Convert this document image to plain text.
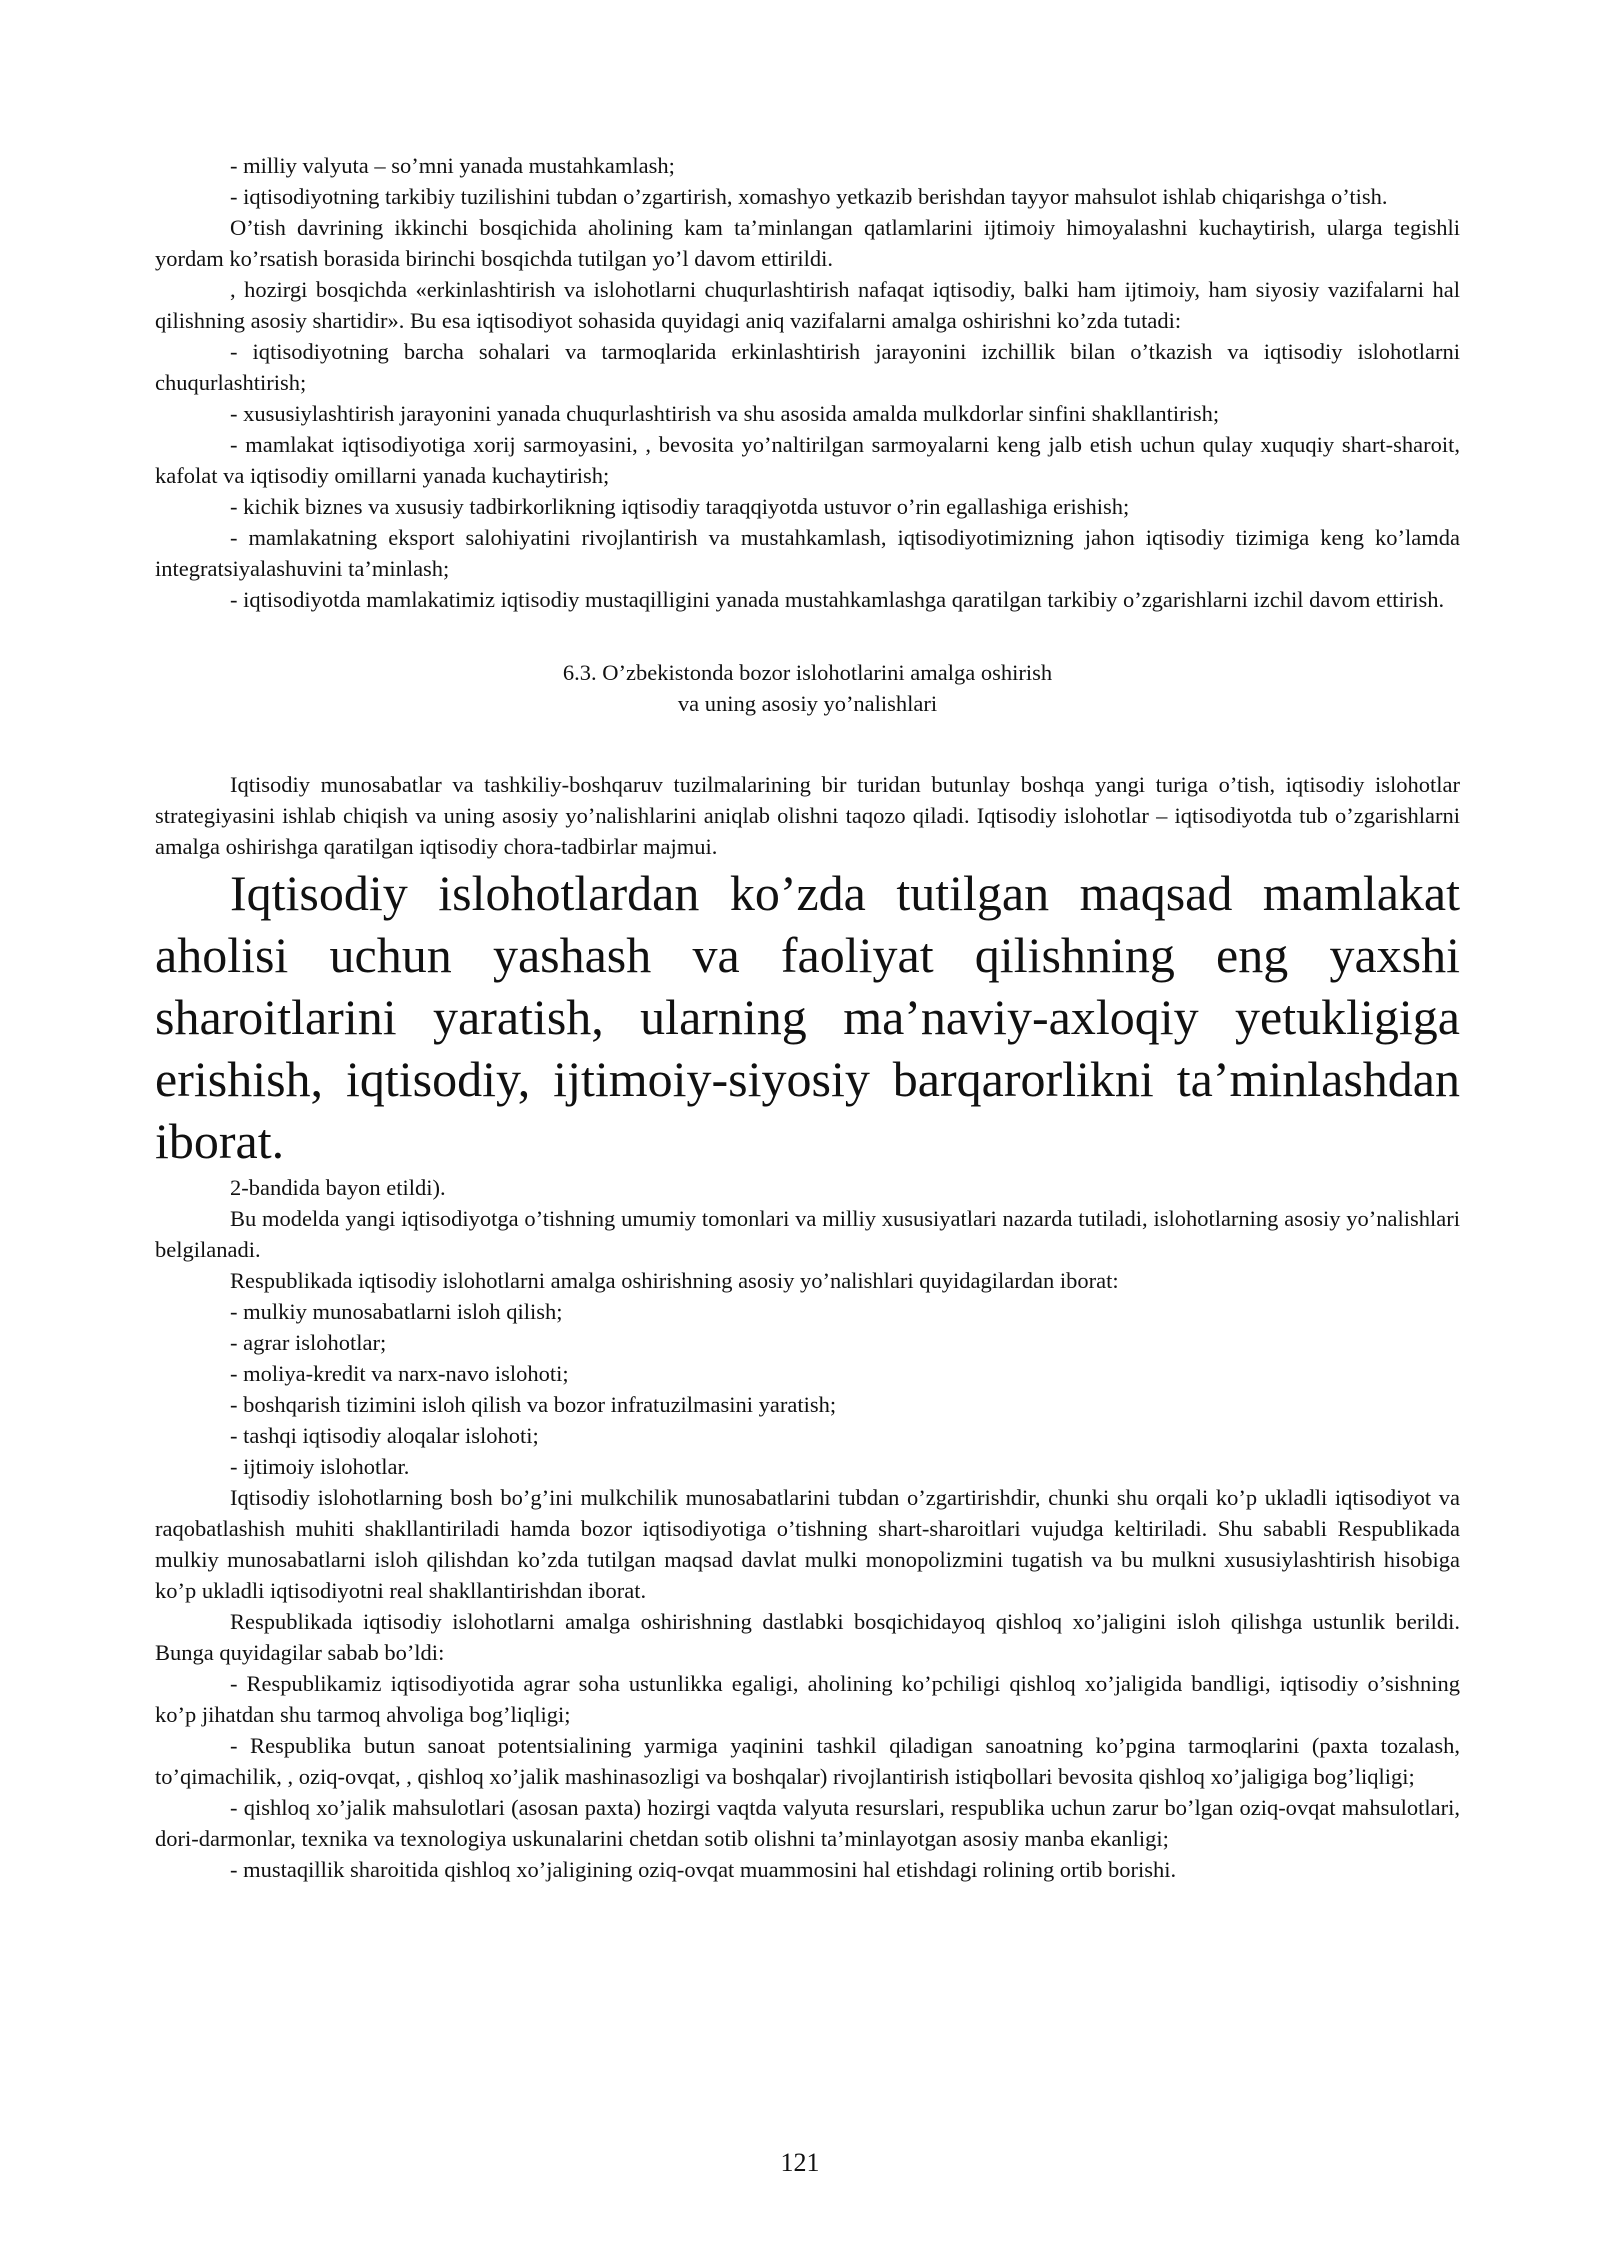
- milliy valyuta – so’mni yanada mustahkamlash;

- iqtisodiyotning tarkibiy tuzilishini tubdan o’zgartirish, xomashyo yetkazib berishdan tayyor mahsulot ishlab chiqarishga o’tish.

O’tish davrining ikkinchi bosqichida aholining kam ta’minlangan qatlamlarini ijtimoiy himoyalashni kuchaytirish, ularga tegishli yordam ko’rsatish borasida birinchi bosqichda tutilgan yo’l davom ettirildi.

, hozirgi bosqichda «erkinlashtirish va islohotlarni chuqurlashtirish nafaqat iqtisodiy, balki ham ijtimoiy, ham siyosiy vazifalarni hal qilishning asosiy shartidir». Bu esa iqtisodiyot sohasida quyidagi aniq vazifalarni amalga oshirishni ko’zda tutadi:

- iqtisodiyotning barcha sohalari va tarmoqlarida erkinlashtirish jarayonini izchillik bilan o’tkazish va iqtisodiy islohotlarni chuqurlashtirish;

- xususiylashtirish jarayonini yanada chuqurlashtirish va shu asosida amalda mulkdorlar sinfini shakllantirish;

- mamlakat iqtisodiyotiga xorij sarmoyasini, , bevosita yo’naltirilgan sarmoyalarni keng jalb etish uchun qulay xuquqiy shart-sharoit, kafolat va iqtisodiy omillarni yanada kuchaytirish;

- kichik biznes va xususiy tadbirkorlikning iqtisodiy taraqqiyotda ustuvor o’rin egallashiga erishish;

- mamlakatning eksport salohiyatini rivojlantirish va mustahkamlash, iqtisodiyotimizning jahon iqtisodiy tizimiga keng ko’lamda integratsiyalashuvini ta’minlash;

- iqtisodiyotda mamlakatimiz iqtisodiy mustaqilligini yanada mustahkamlashga qaratilgan tarkibiy o’zgarishlarni izchil davom ettirish.

6.3. O’zbekistonda bozor islohotlarini amalga oshirish
va uning asosiy yo’nalishlari

Iqtisodiy munosabatlar va tashkiliy-boshqaruv tuzilmalarining bir turidan butunlay boshqa yangi turiga o’tish, iqtisodiy islohotlar strategiyasini ishlab chiqish va uning asosiy yo’nalishlarini aniqlab olishni taqozo qiladi. Iqtisodiy islohotlar – iqtisodiyotda tub o’zgarishlarni amalga oshirishga qaratilgan iqtisodiy chora-tadbirlar majmui.

Iqtisodiy islohotlardan ko’zda tutilgan maqsad mamlakat aholisi uchun yashash va faoliyat qilishning eng yaxshi sharoitlarini yaratish, ularning ma’naviy-axloqiy yetukligiga erishish, iqtisodiy, ijtimoiy-siyosiy barqarorlikni ta’minlashdan iborat.

2-bandida bayon etildi).

Bu modelda yangi iqtisodiyotga o’tishning umumiy tomonlari va milliy xususiyatlari nazarda tutiladi, islohotlarning asosiy yo’nalishlari belgilanadi.

Respublikada iqtisodiy islohotlarni amalga oshirishning asosiy yo’nalishlari quyidagilardan iborat:

- mulkiy munosabatlarni isloh qilish;

- agrar islohotlar;

- moliya-kredit va narx-navo islohoti;

- boshqarish tizimini isloh qilish va bozor infratuzilmasini yaratish;

- tashqi iqtisodiy aloqalar islohoti;

- ijtimoiy islohotlar.

Iqtisodiy islohotlarning bosh bo’g’ini mulkchilik munosabatlarini tubdan o’zgartirishdir, chunki shu orqali ko’p ukladli iqtisodiyot va raqobatlashish muhiti shakllantiriladi hamda bozor iqtisodiyotiga o’tishning shart-sharoitlari vujudga keltiriladi. Shu sababli Respublikada mulkiy munosabatlarni isloh qilishdan ko’zda tutilgan maqsad davlat mulki monopolizmini tugatish va bu mulkni xususiylashtirish hisobiga ko’p ukladli iqtisodiyotni real shakllantirishdan iborat.

Respublikada iqtisodiy islohotlarni amalga oshirishning dastlabki bosqichidayoq qishloq xo’jaligini isloh qilishga ustunlik berildi. Bunga quyidagilar sabab bo’ldi:

- Respublikamiz iqtisodiyotida agrar soha ustunlikka egaligi, aholining ko’pchiligi qishloq xo’jaligida bandligi, iqtisodiy o’sishning ko’p jihatdan shu tarmoq ahvoliga bog’liqligi;

- Respublika butun sanoat potentsialining yarmiga yaqinini tashkil qiladigan sanoatning ko’pgina tarmoqlarini (paxta tozalash, to’qimachilik, , oziq-ovqat, , qishloq xo’jalik mashinasozligi va boshqalar) rivojlantirish istiqbollari bevosita qishloq xo’jaligiga bog’liqligi;

- qishloq xo’jalik mahsulotlari (asosan paxta) hozirgi vaqtda valyuta resurslari, respublika uchun zarur bo’lgan oziq-ovqat mahsulotlari, dori-darmonlar, texnika va texnologiya uskunalarini chetdan sotib olishni ta’minlayotgan asosiy manba ekanligi;

- mustaqillik sharoitida qishloq xo’jaligining oziq-ovqat muammosini hal etishdagi rolining ortib borishi.

121
